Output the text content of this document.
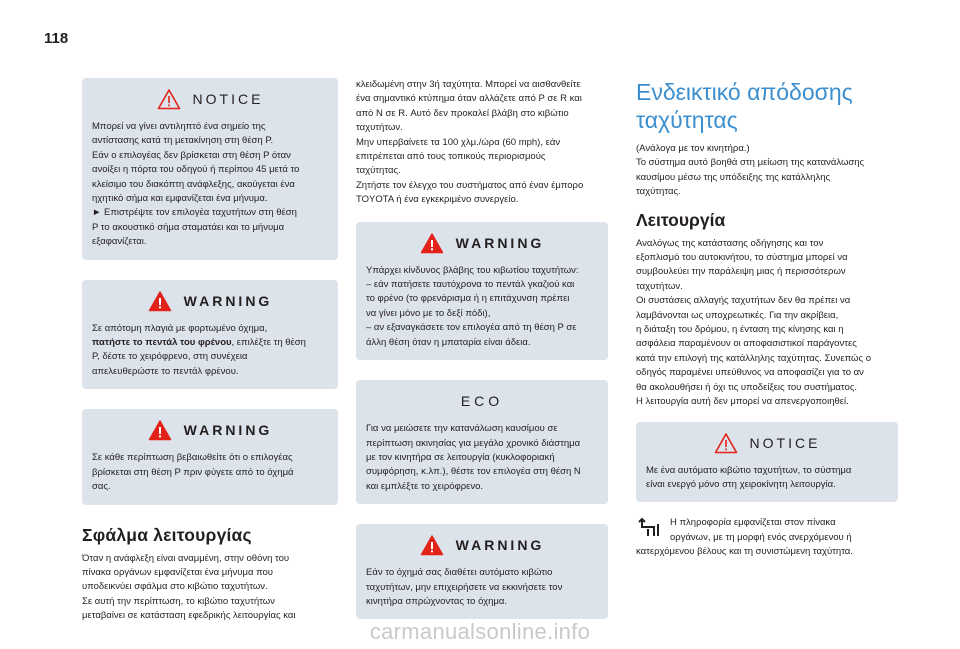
118
NOTICE
Μπορεί να γίνει αντιληπτό ένα σημείο της
αντίστασης κατά τη μετακίνηση στη θέση P.
Εάν ο επιλογέας δεν βρίσκεται στη θέση P όταν
ανοίξει η πόρτα του οδηγού ή περίπου 45 μετά το
κλείσιμο του διακόπτη ανάφλεξης, ακούγεται ένα
ηχητικό σήμα και εμφανίζεται ένα μήνυμα.
► Επιστρέψτε τον επιλογέα ταχυτήτων στη θέση
P το ακουστικό σήμα σταματάει και το μήνυμα
εξαφανίζεται.
WARNING
Σε απότομη πλαγιά με φορτωμένο όχημα,
πατήστε το πεντάλ του φρένου, επιλέξτε τη θέση
P, δέστε το χειρόφρενο, στη συνέχεια
απελευθερώστε το πεντάλ φρένου.
WARNING
Σε κάθε περίπτωση βεβαιωθείτε ότι ο επιλογέας
βρίσκεται στη θέση P πριν φύγετε από το όχημά
σας.
Σφάλμα λειτουργίας
Όταν η ανάφλεξη είναι αναμμένη, στην οθόνη του
πίνακα οργάνων εμφανίζεται ένα μήνυμα που
υποδεικνύει σφάλμα στο κιβώτιο ταχυτήτων.
Σε αυτή την περίπτωση, το κιβώτιο ταχυτήτων
μεταβαίνει σε κατάσταση εφεδρικής λειτουργίας και
κλειδωμένη στην 3ή ταχύτητα. Μπορεί να αισθανθείτε
ένα σημαντικό κτύπημα όταν αλλάζετε από P σε R και
από N σε R. Αυτό δεν προκαλεί βλάβη στο κιβώτιο
ταχυτήτων.
Μην υπερβαίνετε τα 100 χλμ./ώρα (60 mph), εάν
επιτρέπεται από τους τοπικούς περιορισμούς
ταχύτητας.
Ζητήστε τον έλεγχο του συστήματος από έναν έμπορο
TOYOTA ή ένα εγκεκριμένο συνεργείο.
WARNING
Υπάρχει κίνδυνος βλάβης του κιβωτίου ταχυτήτων:
– εάν πατήσετε ταυτόχρονα το πεντάλ γκαζιού και
το φρένο (το φρενάρισμα ή η επιτάχυνση πρέπει
να γίνει μόνο με το δεξί πόδι),
– αν εξαναγκάσετε τον επιλογέα από τη θέση P σε
άλλη θέση όταν η μπαταρία είναι άδεια.
ECO
Για να μειώσετε την κατανάλωση καυσίμου σε
περίπτωση ακινησίας για μεγάλο χρονικό διάστημα
με τον κινητήρα σε λειτουργία (κυκλοφοριακή
συμφόρηση, κ.λπ.), θέστε τον επιλογέα στη θέση N
και εμπλέξτε το χειρόφρενο.
WARNING
Εάν το όχημά σας διαθέτει αυτόματο κιβώτιο
ταχυτήτων, μην επιχειρήσετε να εκκινήσετε τον
κινητήρα σπρώχνοντας το όχημα.
Ενδεικτικό απόδοσης
ταχύτητας
(Ανάλογα με τον κινητήρα.)
Το σύστημα αυτό βοηθά στη μείωση της κατανάλωσης
καυσίμου μέσω της υπόδειξης της κατάλληλης
ταχύτητας.
Λειτουργία
Αναλόγως της κατάστασης οδήγησης και τον
εξοπλισμό του αυτοκινήτου, το σύστημα μπορεί να
συμβουλεύει την παράλειψη μιας ή περισσότερων
ταχυτήτων.
Οι συστάσεις αλλαγής ταχυτήτων δεν θα πρέπει να
λαμβάνονται ως υποχρεωτικές. Για την ακρίβεια,
η διάταξη του δρόμου, η ένταση της κίνησης και η
ασφάλεια παραμένουν οι αποφασιστικοί παράγοντες
κατά την επιλογή της κατάλληλης ταχύτητας. Συνεπώς ο
οδηγός παραμένει υπεύθυνος να αποφασίζει για το αν
θα ακολουθήσει ή όχι τις υποδείξεις του συστήματος.
Η λειτουργία αυτή δεν μπορεί να απενεργοποιηθεί.
NOTICE
Με ένα αυτόματο κιβώτιο ταχυτήτων, το σύστημα
είναι ενεργό μόνο στη χειροκίνητη λειτουργία.
Η πληροφορία εμφανίζεται στον πίνακα
οργάνων, με τη μορφή ενός ανερχόμενου ή
κατερχόμενου βέλους και τη συνιστώμενη ταχύτητα.
carmanualsonline.info
